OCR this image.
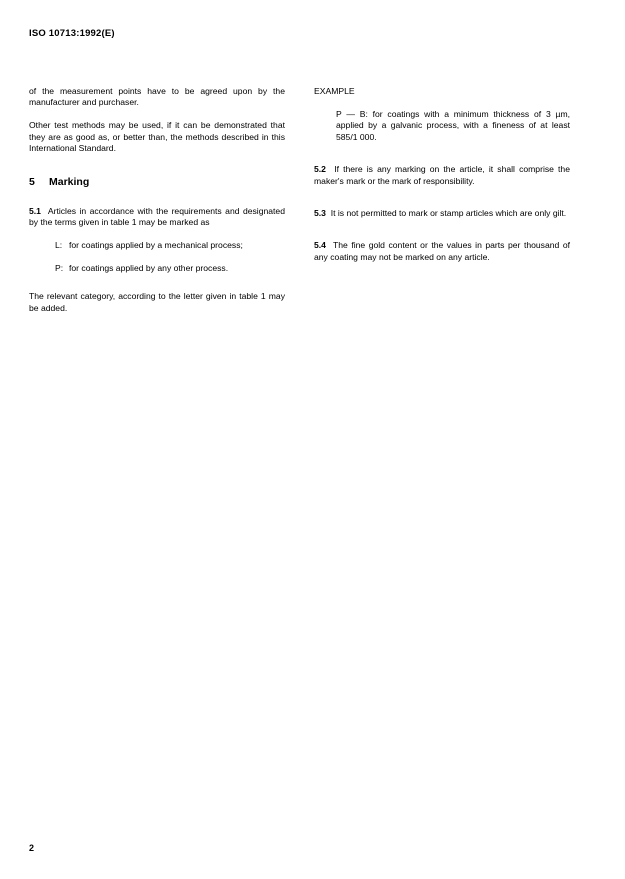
ISO 10713:1992(E)

of the measurement points have to be agreed upon by the manufacturer and purchaser.

Other test methods may be used, if it can be demonstrated that they are as good as, or better than, the methods described in this International Standard.

5 Marking

5.1 Articles in accordance with the requirements and designated by the terms given in table 1 may be marked as

L: for coatings applied by a mechanical process;
P: for coatings applied by any other process.

The relevant category, according to the letter given in table 1 may be added.

EXAMPLE

P — B: for coatings with a minimum thickness of 3 µm, applied by a galvanic process, with a fineness of at least 585/1 000.

5.2 If there is any marking on the article, it shall comprise the maker's mark or the mark of responsibility.

5.3 It is not permitted to mark or stamp articles which are only gilt.

5.4 The fine gold content or the values in parts per thousand of any coating may not be marked on any article.

2
